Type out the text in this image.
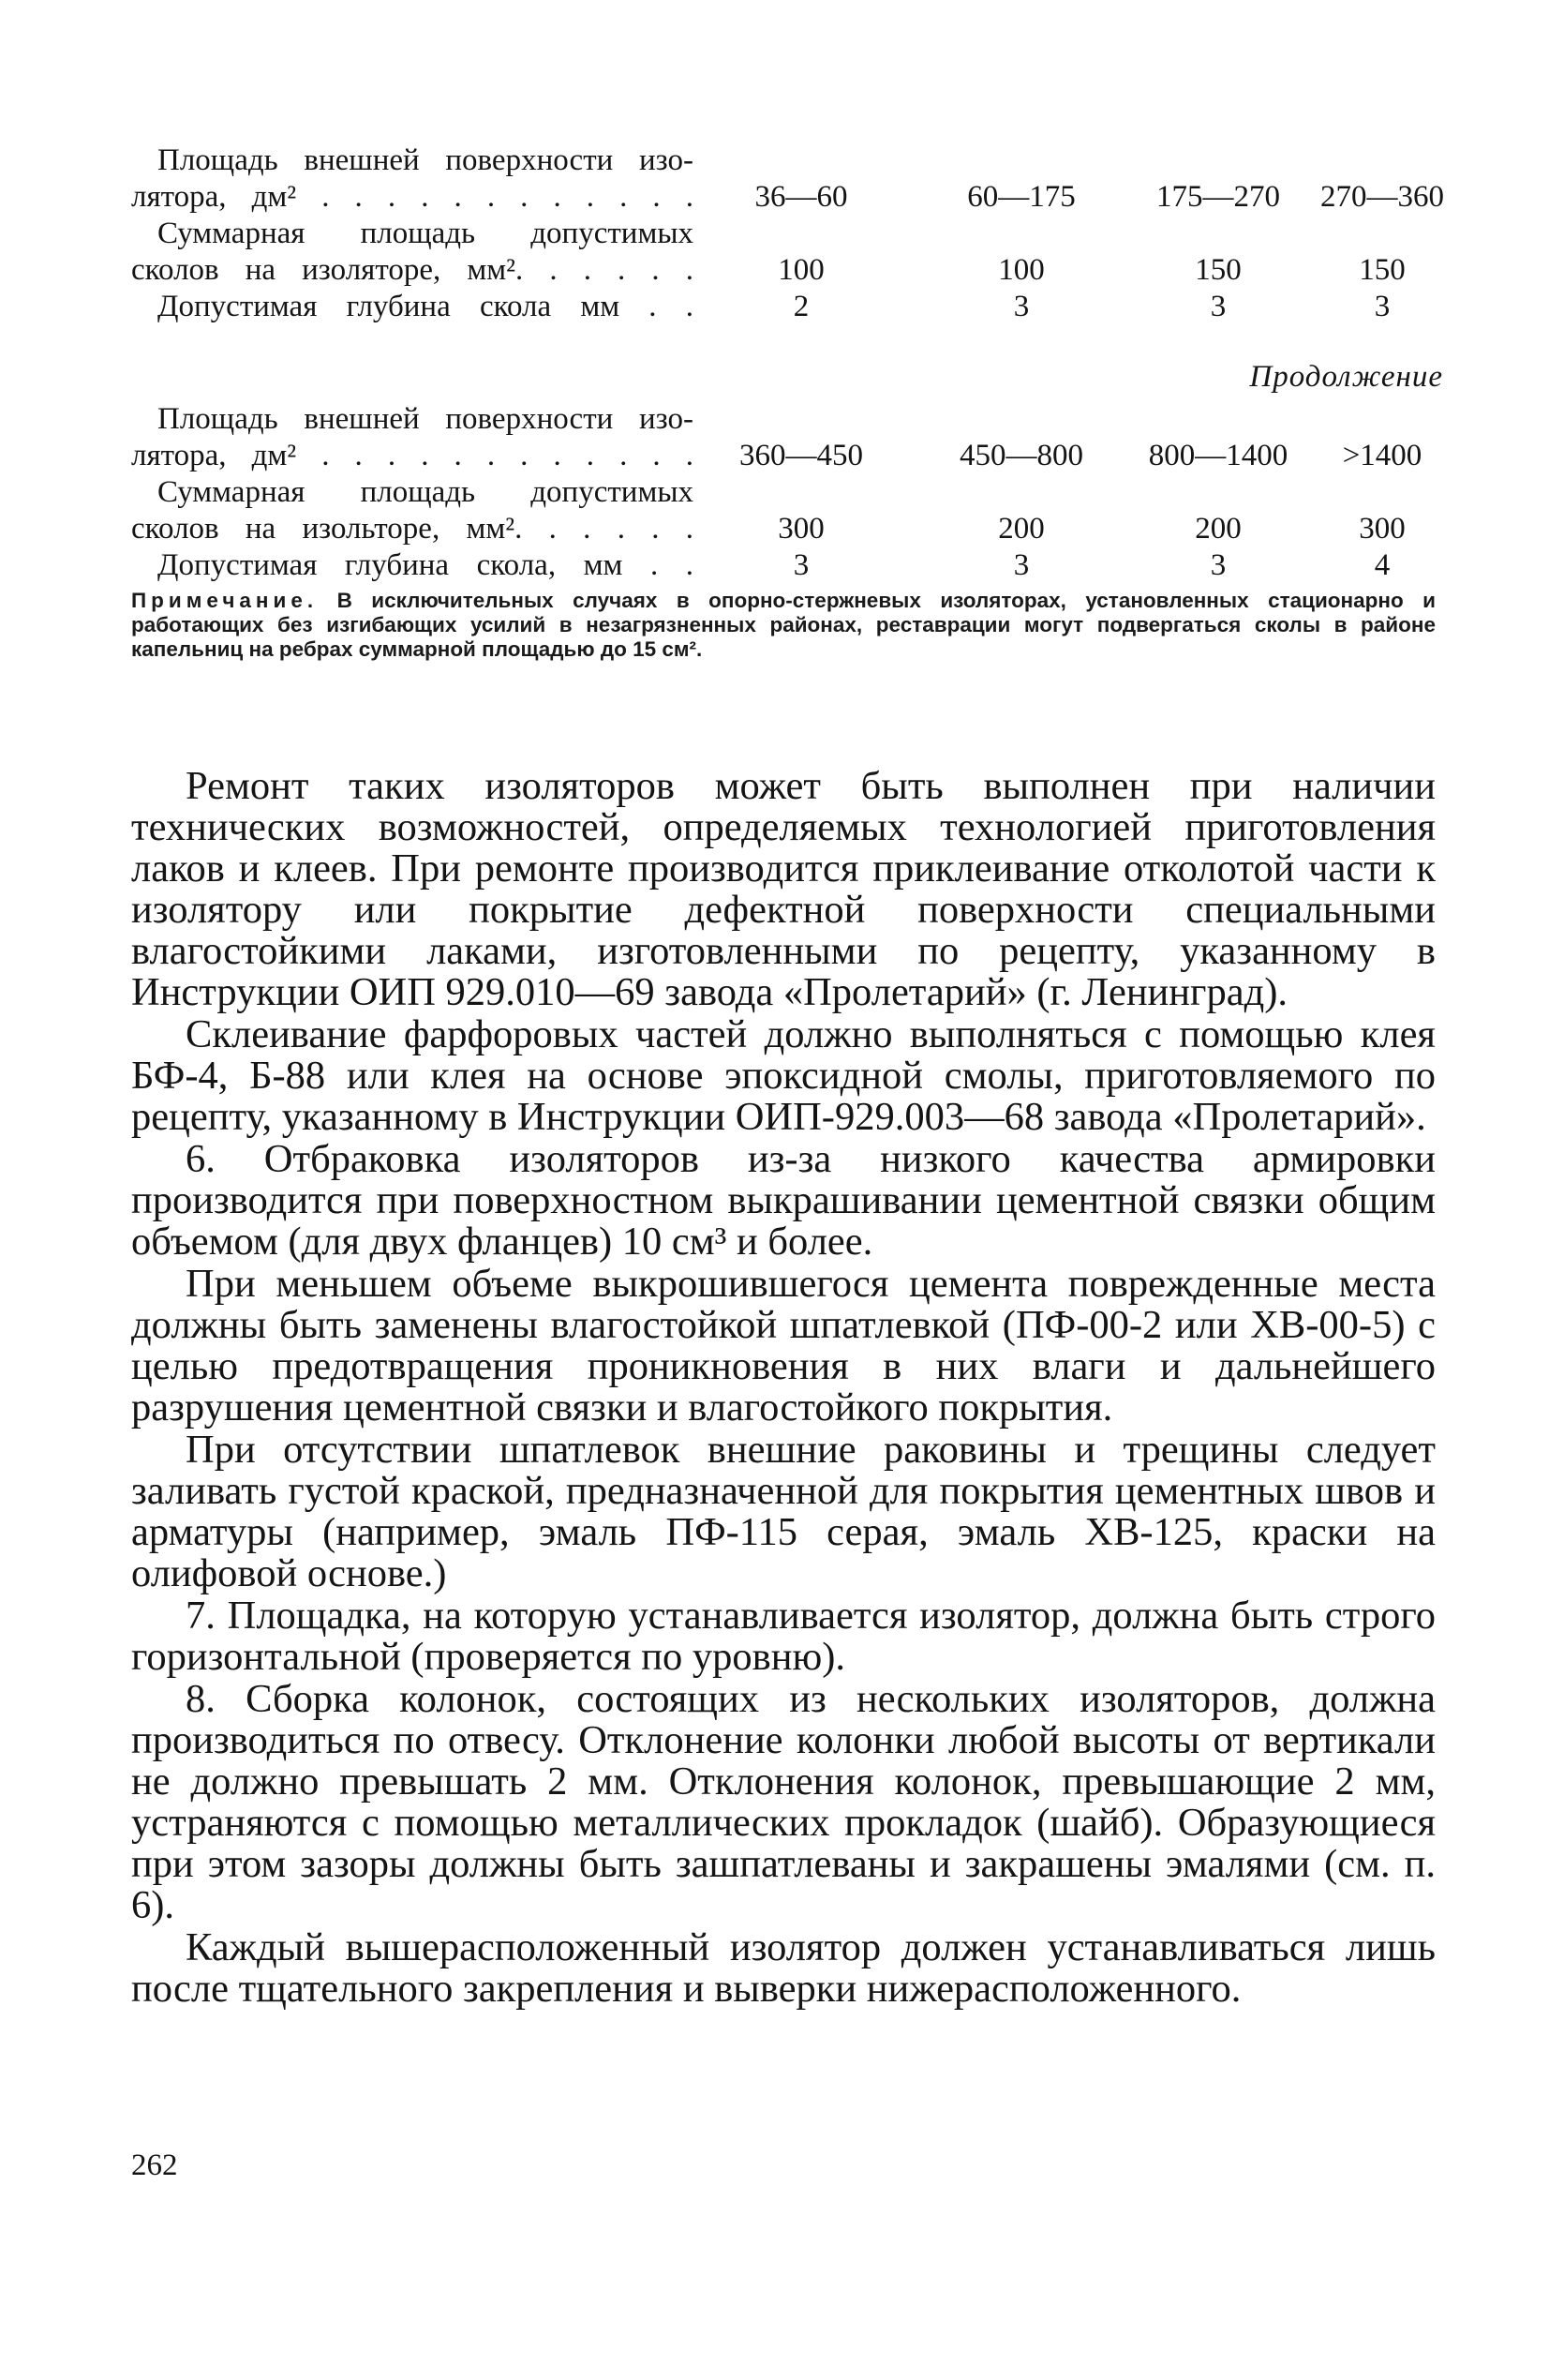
Площадь внешней поверхности изо-
лятора, дм² . . . . . . . . . . . .	36—60	60—175	175—270	270—360
Суммарная площадь допустимых
сколов на изоляторе, мм². . . . . .	100	100	150	150
Допустимая глубина скола мм . .	2	3	3	3
Продолжение
Площадь внешней поверхности изо-
лятора, дм² . . . . . . . . . . . .	360—450	450—800	800—1400	>1400
Суммарная площадь допустимых
сколов на изольторе, мм². . . . . .	300	200	200	300
Допустимая глубина скола, мм . .	3	3	3	4
Примечание. В исключительных случаях в опорно-стержневых изоляторах, установленных стационарно и работающих без изгибающих усилий в незагрязненных районах, реставрации могут подвергаться сколы в районе капельниц на ребрах суммарной площадью до 15 см².

Ремонт таких изоляторов может быть выполнен при наличии технических возможностей, определяемых технологией приготовления лаков и клеев. При ремонте производится приклеивание отколотой части к изолятору или покрытие дефектной поверхности специальными влагостойкими лаками, изготовленными по рецепту, указанному в Инструкции ОИП 929.010—69 завода «Пролетарий» (г. Ленинград).

Склеивание фарфоровых частей должно выполняться с помощью клея БФ-4, Б-88 или клея на основе эпоксидной смолы, приготовляемого по рецепту, указанному в Инструкции ОИП-929.003—68 завода «Пролетарий».

6. Отбраковка изоляторов из-за низкого качества армировки производится при поверхностном выкрашивании цементной связки общим объемом (для двух фланцев) 10 см³ и более.

При меньшем объеме выкрошившегося цемента поврежденные места должны быть заменены влагостойкой шпатлевкой (ПФ-00-2 или ХВ-00-5) с целью предотвращения проникновения в них влаги и дальнейшего разрушения цементной связки и влагостойкого покрытия.

При отсутствии шпатлевок внешние раковины и трещины следует заливать густой краской, предназначенной для покрытия цементных швов и арматуры (например, эмаль ПФ-115 серая, эмаль ХВ-125, краски на олифовой основе.)

7. Площадка, на которую устанавливается изолятор, должна быть строго горизонтальной (проверяется по уровню).

8. Сборка колонок, состоящих из нескольких изоляторов, должна производиться по отвесу. Отклонение колонки любой высоты от вертикали не должно превышать 2 мм. Отклонения колонок, превышающие 2 мм, устраняются с помощью металлических прокладок (шайб). Образующиеся при этом зазоры должны быть зашпатлеваны и закрашены эмалями (см. п. 6).

Каждый вышерасположенный изолятор должен устанавливаться лишь после тщательного закрепления и выверки нижерасположенного.

262
